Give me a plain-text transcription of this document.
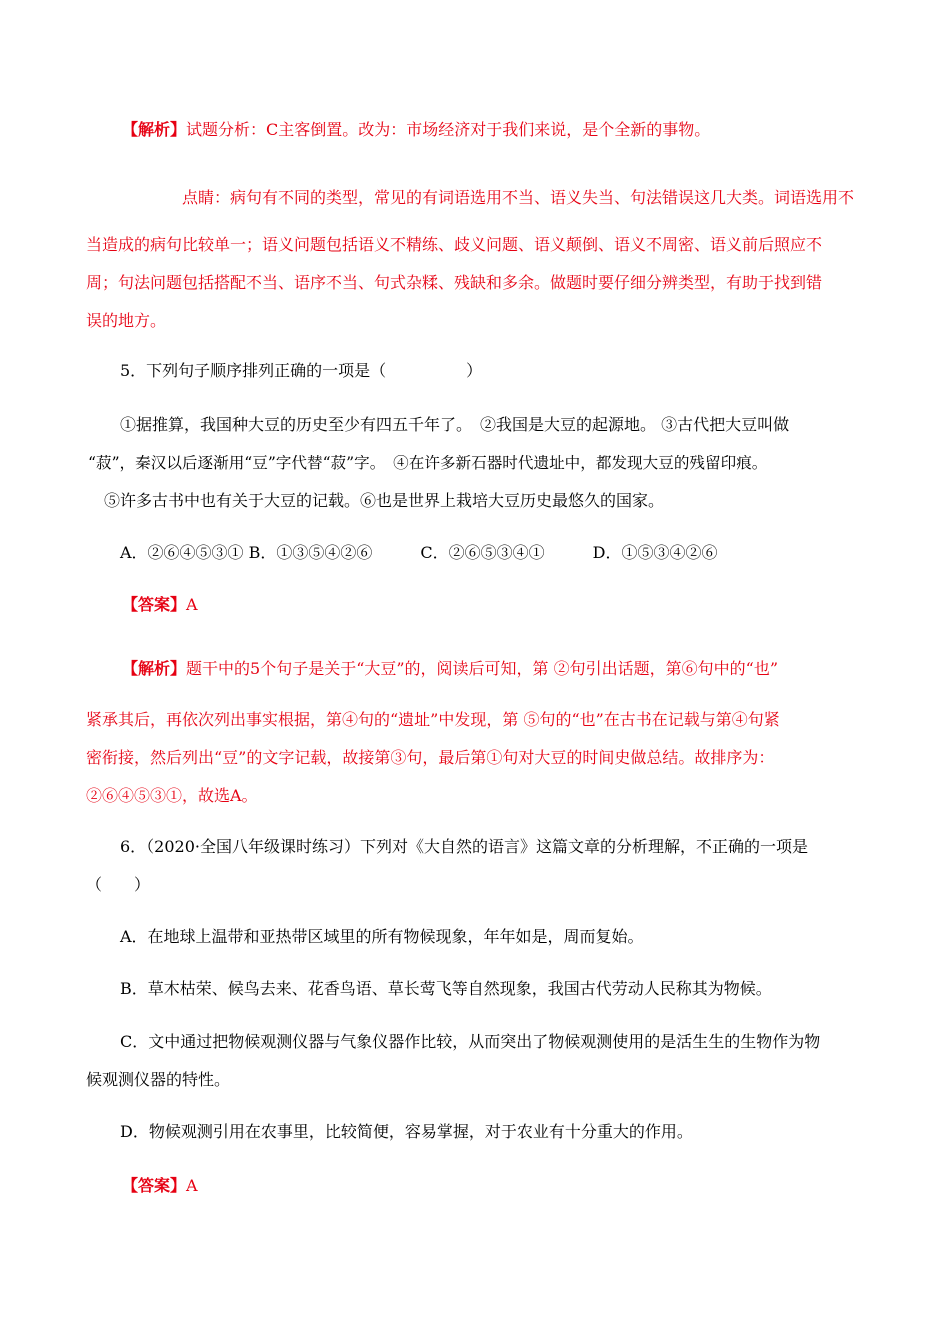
【解析】试题分析：C主客倒置。改为：市场经济对于我们来说，是个全新的事物。
点睛：病句有不同的类型，常见的有词语选用不当、语义失当、句法错误这几大类。词语选用不
当造成的病句比较单一；语义问题包括语义不精练、歧义问题、语义颠倒、语义不周密、语义前后照应不
周；句法问题包括搭配不当、语序不当、句式杂糅、残缺和多余。做题时要仔细分辨类型，有助于找到错
误的地方。
5．下列句子顺序排列正确的一项是（　　　　　）
①据推算，我国种大豆的历史至少有四五千年了。　②我国是大豆的起源地。 ③古代把大豆叫做
“菽”，秦汉以后逐渐用“豆”字代替“菽”字。　④在许多新石器时代遗址中，都发现大豆的残留印痕。
⑤许多古书中也有关于大豆的记载。⑥也是世界上栽培大豆历史最悠久的国家。
A．②⑥④⑤③① B．①③⑤④②⑥　　　C．②⑥⑤③④①　　　D．①⑤③④②⑥
【答案】A
【解析】题干中的5个句子是关于“大豆”的，阅读后可知，第 ②句引出话题，第⑥句中的“也”
紧承其后，再依次列出事实根据，第④句的“遗址”中发现，第 ⑤句的“也”在古书在记载与第④句紧
密衔接，然后列出“豆”的文字记载，故接第③句，最后第①句对大豆的时间史做总结。故排序为：
②⑥④⑤③①，故选A。
6．（2020·全国八年级课时练习）下列对《大自然的语言》这篇文章的分析理解，不正确的一项是
（　　）
A．在地球上温带和亚热带区域里的所有物候现象，年年如是，周而复始。
B．草木枯荣、候鸟去来、花香鸟语、草长莺飞等自然现象，我国古代劳动人民称其为物候。
C．文中通过把物候观测仪器与气象仪器作比较，从而突出了物候观测使用的是活生生的生物作为物
候观测仪器的特性。
D．物候观测引用在农事里，比较简便，容易掌握，对于农业有十分重大的作用。
【答案】A
